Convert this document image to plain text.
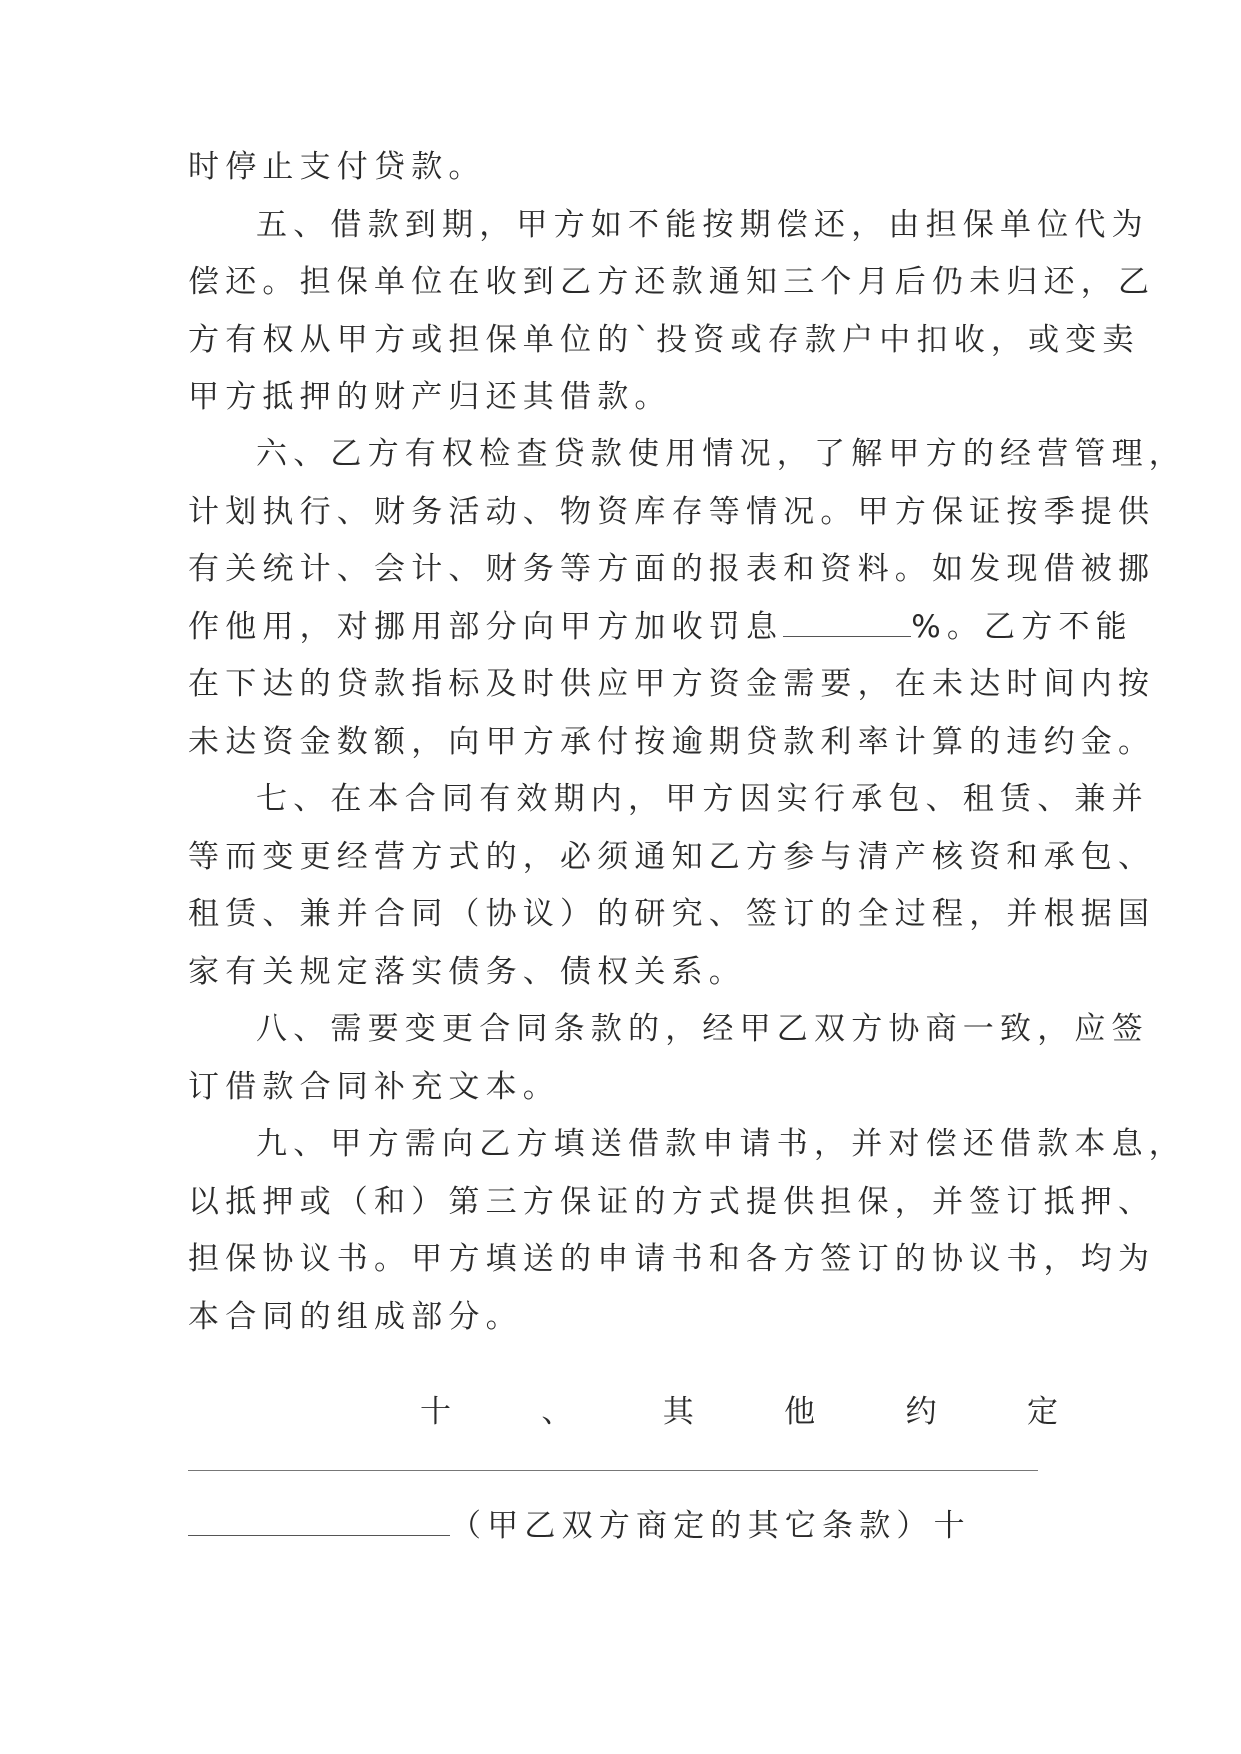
时停止支付贷款。
五、借款到期，甲方如不能按期偿还，由担保单位代为
偿还。担保单位在收到乙方还款通知三个月后仍未归还，乙
方有权从甲方或担保单位的`投资或存款户中扣收，或变卖
甲方抵押的财产归还其借款。
六、乙方有权检查贷款使用情况，了解甲方的经营管理，
计划执行、财务活动、物资库存等情况。甲方保证按季提供
有关统计、会计、财务等方面的报表和资料。如发现借被挪
作他用，对挪用部分向甲方加收罚息	%。乙方不能
在下达的贷款指标及时供应甲方资金需要，在未达时间内按
未达资金数额，向甲方承付按逾期贷款利率计算的违约金。
七、在本合同有效期内，甲方因实行承包、租赁、兼并
等而变更经营方式的，必须通知乙方参与清产核资和承包、
租赁、兼并合同（协议）的研究、签订的全过程，并根据国
家有关规定落实债务、债权关系。
八、需要变更合同条款的，经甲乙双方协商一致，应签
订借款合同补充文本。
九、甲方需向乙方填送借款申请书，并对偿还借款本息，
以抵押或（和）第三方保证的方式提供担保，并签订抵押、
担保协议书。甲方填送的申请书和各方签订的协议书，均为
本合同的组成部分。
十	、	其	他	约	定
（甲乙双方商定的其它条款）十
